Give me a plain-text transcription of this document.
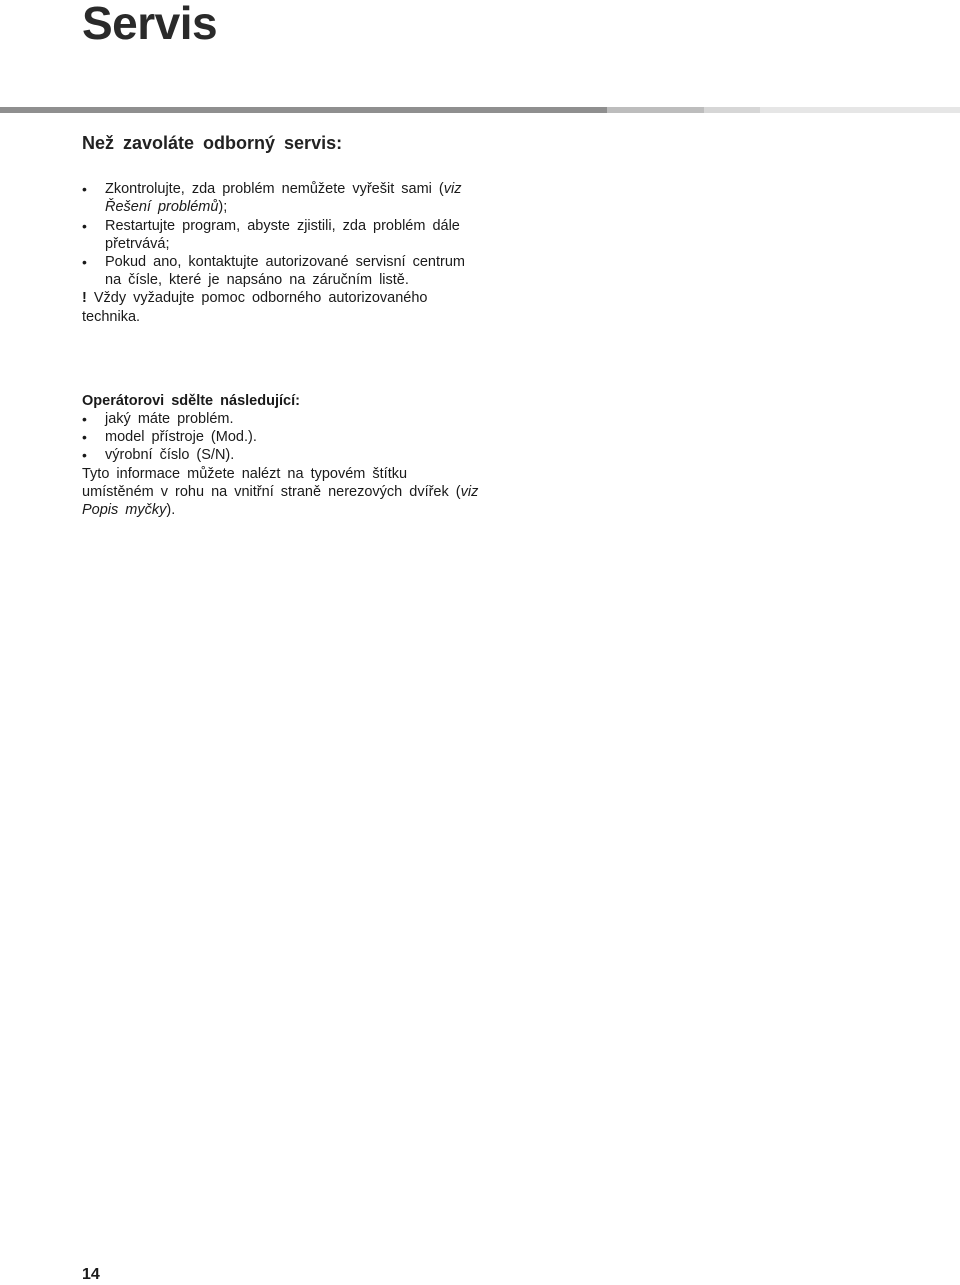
Servis
Než zavoláte odborný servis:
• Zkontrolujte, zda problém nemůžete vyřešit sami (viz Řešení problémů);
• Restartujte program, abyste zjistili, zda problém dále přetrvává;
• Pokud ano, kontaktujte autorizované servisní centrum na čísle, které je napsáno na záručním listě.

! Vždy vyžadujte pomoc odborného autorizovaného technika.

Operátorovi sdělte následující:

• jaký máte problém.
• model přístroje (Mod.).
• výrobní číslo (S/N).

Tyto informace můžete nalézt na typovém štítku umístěném v rohu na vnitřní straně nerezových dvířek (viz Popis myčky).

14
